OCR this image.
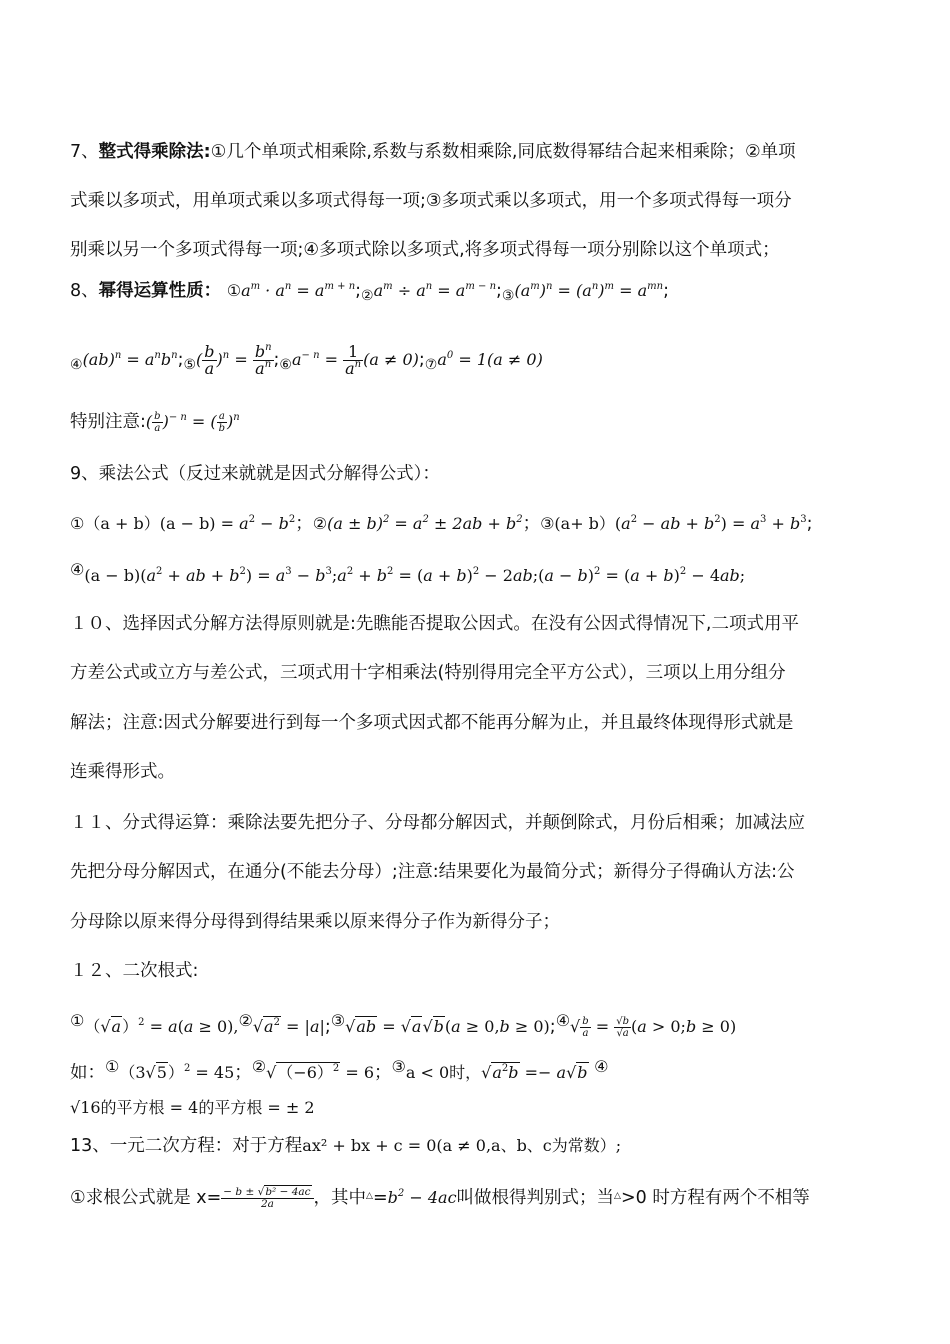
7、整式得乘除法:①几个单项式相乘除,系数与系数相乘除,同底数得幂结合起来相乘除；②单项
式乘以多项式，用单项式乘以多项式得每一项;③多项式乘以多项式，用一个多项式得每一项分
别乘以另一个多项式得每一项;④多项式除以多项式,将多项式得每一项分别除以这个单项式；
8、幂得运算性质： $①a^m \cdot a^n$ = $a^{m + n};_②a^m \div a^n$ = $a^{m - n};_③(a^m)^n = (a^n)^m = a^{mn}$;
$_④(ab)^n = a^nb^n;_⑤( \frac{b}{a} )^n = \frac{b^n}{a^n}$ $;_⑥a^{- n} = \frac{1}{a^n} (a$ ≠ $0);_⑦a^0 = 1(a \ne 0)$
特别注意:( $\frac{b}{a} )^{- n}$ = ( $\frac{a}{b} )^n$
9、乘法公式（反过来就就是因式分解得公式）：
①（a + $b)(a - b) = a^2 - b^2$；②(a ± $b)^2 = a^2 \pm 2ab + b^2$；③(a+ $b)(a^2$ − ab + $b^2) = a^3 + b^3$;
④(a − $b)(a^2$ + ab + $b^2) = a^3$ − $b^3;a^2 + b^2 = (a + b)^2$ − 2ab;(a − $b)^2 = (a + b)^2 - 4ab$;
１０、选择因式分解方法得原则就是:先瞧能否提取公因式。在没有公因式得情况下,二项式用平
方差公式或立方与差公式，三项式用十字相乘法(特别得用完全平方公式），三项以上用分组分
解法；注意:因式分解要进行到每一个多项式因式都不能再分解为止，并且最终体现得形式就是
连乘得形式。
１１、分式得运算：乘除法要先把分子、分母都分解因式，并颠倒除式，月份后相乘；加减法应
先把分母分解因式，在通分(不能去分母）;注意:结果要化为最简分式；新得分子得确认方法:公
分母除以原来得分母得到得结果乘以原来得分子作为新得分子；
１２、二次根式:
$①(√a)^2 = a(a$ ≥ $0),②√a^2$ = |a|;③√ab = √a√b(a ≥ 0,b ≥ 0);④√ $\frac{b}{a} = \frac{√b}{√a} (a$ > 0;b ≥ 0)
如：$①(3√5)^2 = 45$；$②√(-6)^2 = 6$；③a < 0时，$√a^2b =- a√b$ ④
√16的平方根 = 4的平方根 = ± 2
13、一元二次方程：对于方程ax² + bx + c = 0(a ≠ 0,a、b、c为常数）;
①求根公式就是 $x= \frac{\text{− b ± √b² − 4ac}}{2a}$ ，其中$^\triangle=b^2 - 4ac$叫做根得判别式；当△>0 时方程有两个不相等
